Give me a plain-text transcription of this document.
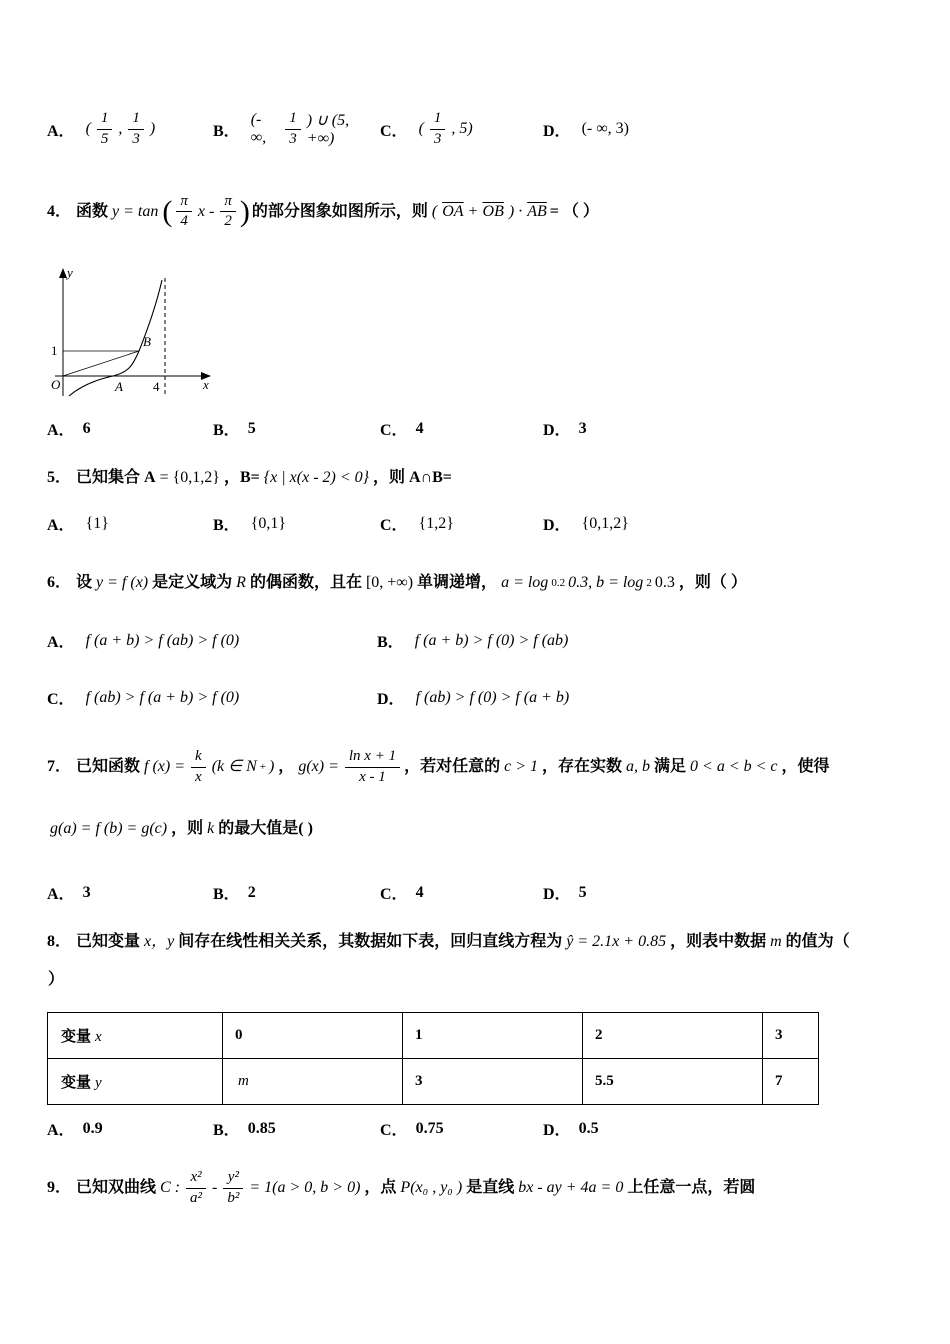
A． ( $\frac{1}{5}$ , $\frac{1}{3}$ )	B．
(- ∞,	$\frac{1}{3}$ ) ∪ (5, +∞)	C． ( $\frac{1}{3}$ , 5)	D． (- ∞, 3)
4． 函数 y = tan ( $\frac{\pi}{4}$ x - $\frac{\pi}{2}$ ) 的部分图象如图所示，则 ( $\overline{OA} + \overline{OB}$ ) · $\overline{AB}$ = （ ）
y
x
O
1
A 4
B
A． 6	B． 5	C． 4	D． 3
5． 已知集合 A = {0,1,2} ，B= {x | x(x - 2) < 0} ，则 A∩B=
A． {1}	B． {0,1}	C． {1,2}	D． {0,1,2}
6． 设 y = f (x) 是定义域为 R 的偶函数，且在 [0, +∞) 单调递增， a = log 0.2 0.3, b = log 2 0.3 ，则（ ）
A． f (a + b) > f (ab) > f (0)	B． f (a + b) > f (0) > f (ab)
C． f (ab) > f (a + b) > f (0)	D． f (ab) > f (0) > f (a + b)
7． 已知函数 f $(x) = \frac{k}{x} (k$ ∈ N + ) ， $g(x) = \frac{\text{ln x + 1}}{x - 1}$ ，若对任意的 c > 1 ，存在实数 a, b 满足 0 < a < b < c ，使得
g(a) = f (b) = g(c) ，则 k 的最大值是( )
A． 3	B． 2	C． 4	D． 5
8． 已知变量 x，y 间存在线性相关关系，其数据如下表，回归直线方程为 ŷ = 2.1x + 0.85 ，则表中数据 m 的值为（
）
变量 x	0	1	2	3
变量 y	m	3	5.5	7
A． 0.9	B． 0.85	C． 0.75	D． 0.5
9． 已知双曲线 C : $\frac{\text{x²}}{\text{a²}} - \frac{\text{y²}}{\text{b²}} = 1(a > 0$, b > 0) ，点 P(x₀ , y₀ ) 是直线 bx - ay + 4a = 0 上任意一点，若圆
